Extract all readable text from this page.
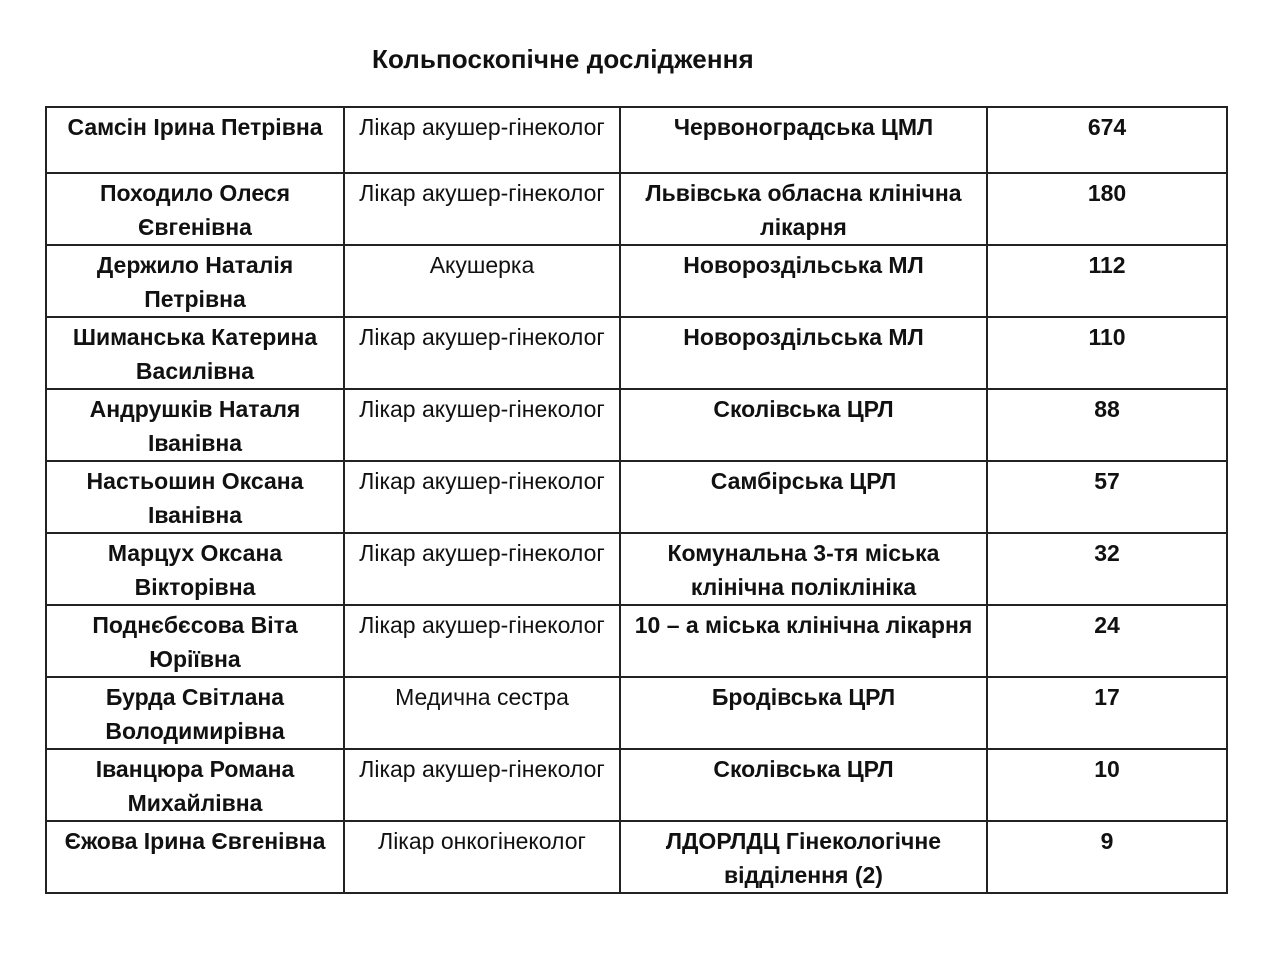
Кольпоскопічне дослідження
Самсін Ірина Петрівна	Лікар акушер-гінеколог	Червоноградська ЦМЛ	674
Походило Олеся Євгенівна	Лікар акушер-гінеколог	Львівська обласна клінічна лікарня	180
Держило Наталія Петрівна	Акушерка	Новороздільська МЛ	112
Шиманська Катерина Василівна	Лікар акушер-гінеколог	Новороздільська МЛ	110
Андрушків Наталя Іванівна	Лікар акушер-гінеколог	Сколівська ЦРЛ	88
Настьошин Оксана Іванівна	Лікар акушер-гінеколог	Самбірська ЦРЛ	57
Марцух Оксана Вікторівна	Лікар акушер-гінеколог	Комунальна 3-тя міська клінічна поліклініка	32
Поднєбєсова Віта Юріївна	Лікар акушер-гінеколог	10 – а міська клінічна лікарня	24
Бурда Світлана Володимирівна	Медична сестра	Бродівська ЦРЛ	17
Іванцюра Романа Михайлівна	Лікар акушер-гінеколог	Сколівська ЦРЛ	10
Єжова Ірина Євгенівна	Лікар онкогінеколог	ЛДОРЛДЦ Гінекологічне відділення (2)	9
